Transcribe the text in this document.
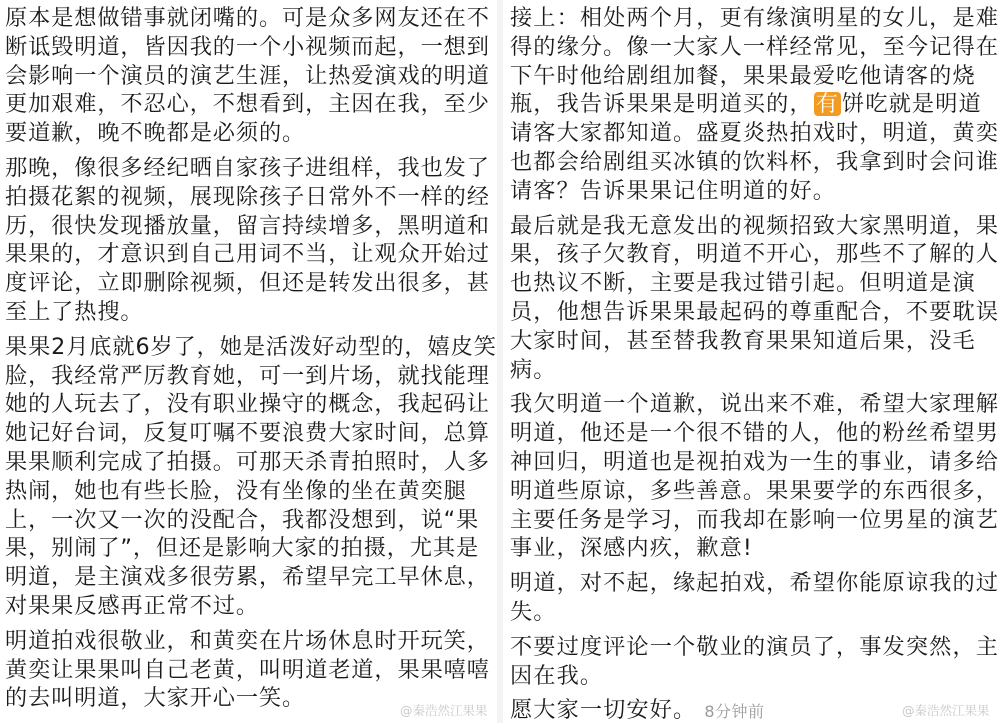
原本是想做错事就闭嘴的。可是众多网友还在不断诋毁明道，皆因我的一个小视频而起，一想到会影响一个演员的演艺生涯，让热爱演戏的明道更加艰难，不忍心，不想看到，主因在我，至少要道歉，晚不晚都是必须的。

那晚，像很多经纪晒自家孩子进组样，我也发了拍摄花絮的视频，展现除孩子日常外不一样的经历，很快发现播放量，留言持续增多，黑明道和果果的，才意识到自己用词不当，让观众开始过度评论，立即删除视频，但还是转发出很多，甚至上了热搜。

果果2月底就6岁了，她是活泼好动型的，嬉皮笑脸，我经常严厉教育她，可一到片场，就找能理她的人玩去了，没有职业操守的概念，我起码让她记好台词，反复叮嘱不要浪费大家时间，总算果果顺利完成了拍摄。可那天杀青拍照时，人多热闹，她也有些长脸，没有坐像的坐在黄奕腿上，一次又一次的没配合，我都没想到，说“果果，别闹了”，但还是影响大家的拍摄，尤其是明道，是主演戏多很劳累，希望早完工早休息，对果果反感再正常不过。

明道拍戏很敬业，和黄奕在片场休息时开玩笑，黄奕让果果叫自己老黄，叫明道老道，果果嘻嘻的去叫明道，大家开心一笑。

接上：相处两个月，更有缘演明星的女儿，是难得的缘分。像一大家人一样经常见，至今记得在下午时他给剧组加餐，果果最爱吃他请客的烧瓶，我告诉果果是明道买的， 有 饼吃就是明道请客大家都知道。盛夏炎热拍戏时，明道，黄奕也都会给剧组买冰镇的饮料杯，我拿到时会问谁请客？告诉果果记住明道的好。

最后就是我无意发出的视频招致大家黑明道，果果，孩子欠教育，明道不开心，那些不了解的人也热议不断，主要是我过错引起。但明道是演员，他想告诉果果最起码的尊重配合，不要耽误大家时间，甚至替我教育果果知道后果，没毛病。

我欠明道一个道歉，说出来不难，希望大家理解明道，他还是一个很不错的人，他的粉丝希望男神回归，明道也是视拍戏为一生的事业，请多给明道些原谅，多些善意。果果要学的东西很多，主要任务是学习，而我却在影响一位男星的演艺事业，深感内疚，歉意!

明道，对不起，缘起拍戏，希望你能原谅我的过失。

不要过度评论一个敬业的演员了，事发突然，主因在我。

愿大家一切安好。 8分钟前

@秦浩然江果果	@秦浩然江果果
